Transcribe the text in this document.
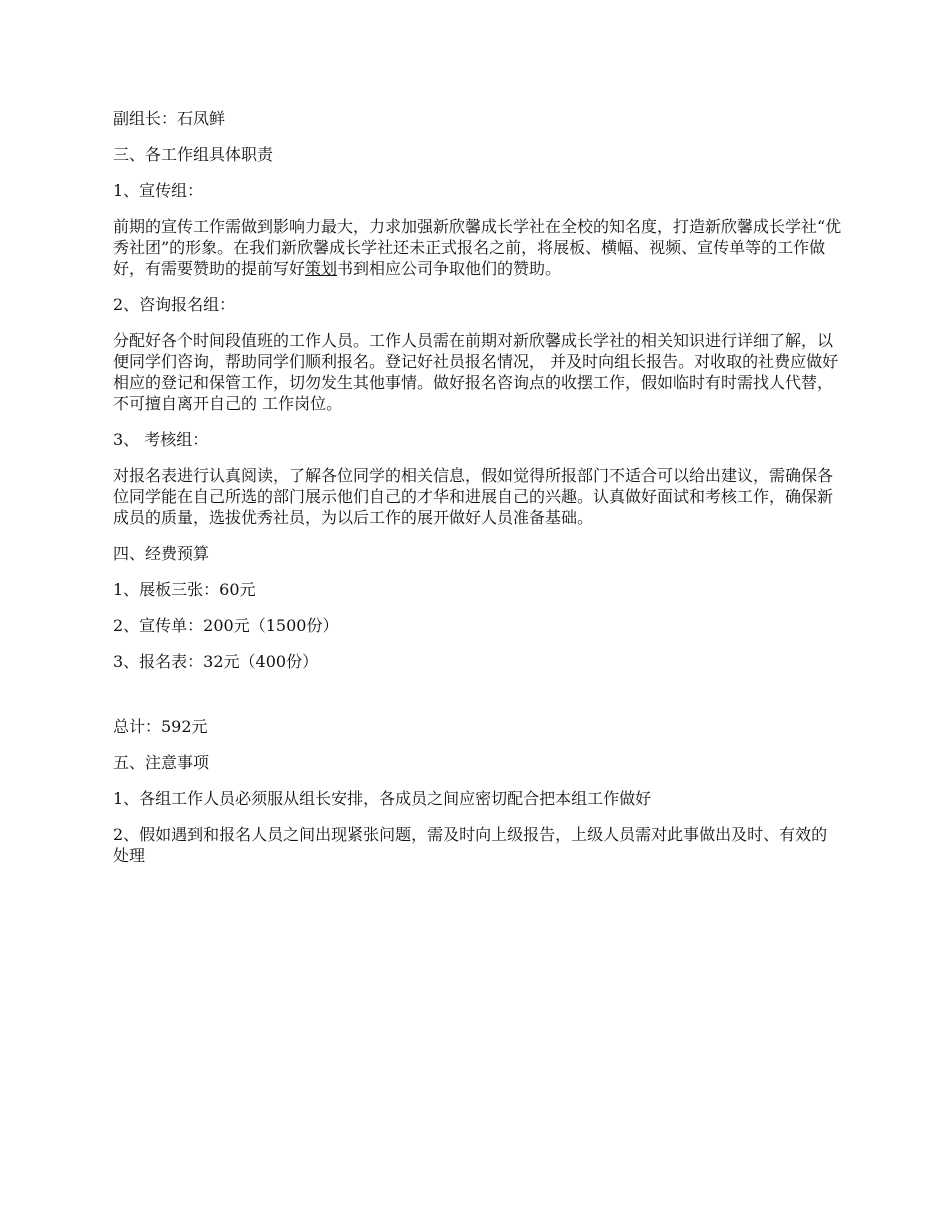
副组长：石凤鲜

三、各工作组具体职责

1、宣传组：

前期的宣传工作需做到影响力最大，力求加强新欣馨成长学社在全校的知名度，打造新欣馨成长学社“优秀社团”的形象。在我们新欣馨成长学社还未正式报名之前，将展板、横幅、视频、宣传单等的工作做好，有需要赞助的提前写好策划书到相应公司争取他们的赞助。

2、咨询报名组：

分配好各个时间段值班的工作人员。工作人员需在前期对新欣馨成长学社的相关知识进行详细了解，以便同学们咨询，帮助同学们顺利报名。登记好社员报名情况， 并及时向组长报告。对收取的社费应做好相应的登记和保管工作，切勿发生其他事情。做好报名咨询点的收摆工作，假如临时有时需找人代替，不可擅自离开自己的 工作岗位。

3、 考核组：

对报名表进行认真阅读，了解各位同学的相关信息，假如觉得所报部门不适合可以给出建议，需确保各位同学能在自己所选的部门展示他们自己的才华和进展自己的兴趣。认真做好面试和考核工作，确保新成员的质量，选拔优秀社员，为以后工作的展开做好人员准备基础。

四、经费预算

1、展板三张：60元

2、宣传单：200元（1500份）

3、报名表：32元（400份）

总计：592元

五、注意事项

1、各组工作人员必须服从组长安排，各成员之间应密切配合把本组工作做好

2、假如遇到和报名人员之间出现紧张问题，需及时向上级报告，上级人员需对此事做出及时、有效的处理
